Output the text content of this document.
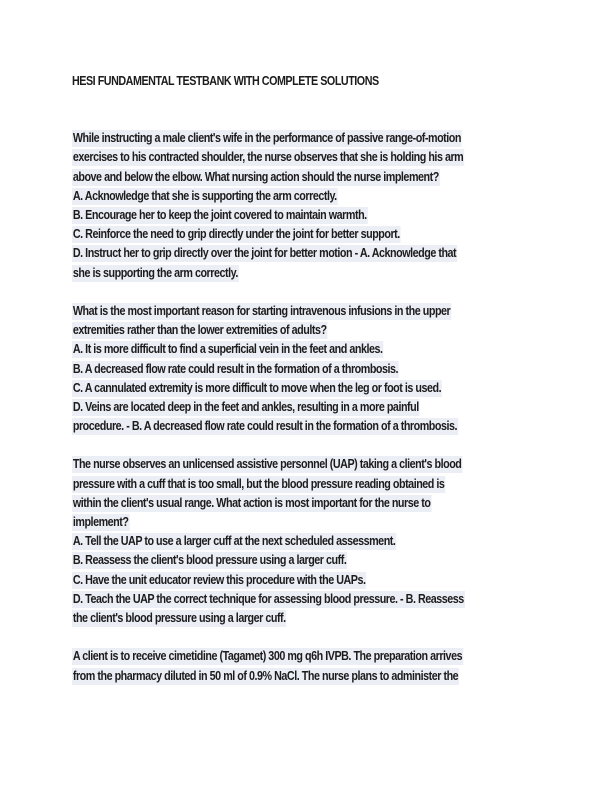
HESI FUNDAMENTAL TESTBANK WITH COMPLETE SOLUTIONS
While instructing a male client's wife in the performance of passive range-of-motion
exercises to his contracted shoulder, the nurse observes that she is holding his arm
above and below the elbow. What nursing action should the nurse implement?
A. Acknowledge that she is supporting the arm correctly.
B. Encourage her to keep the joint covered to maintain warmth.
C. Reinforce the need to grip directly under the joint for better support.
D. Instruct her to grip directly over the joint for better motion - A. Acknowledge that
she is supporting the arm correctly.
What is the most important reason for starting intravenous infusions in the upper
extremities rather than the lower extremities of adults?
A. It is more difficult to find a superficial vein in the feet and ankles.
B. A decreased flow rate could result in the formation of a thrombosis.
C. A cannulated extremity is more difficult to move when the leg or foot is used.
D. Veins are located deep in the feet and ankles, resulting in a more painful
procedure. - B. A decreased flow rate could result in the formation of a thrombosis.
The nurse observes an unlicensed assistive personnel (UAP) taking a client's blood
pressure with a cuff that is too small, but the blood pressure reading obtained is
within the client's usual range. What action is most important for the nurse to
implement?
A. Tell the UAP to use a larger cuff at the next scheduled assessment.
B. Reassess the client's blood pressure using a larger cuff.
C. Have the unit educator review this procedure with the UAPs.
D. Teach the UAP the correct technique for assessing blood pressure. - B. Reassess
the client's blood pressure using a larger cuff.
A client is to receive cimetidine (Tagamet) 300 mg q6h IVPB. The preparation arrives
from the pharmacy diluted in 50 ml of 0.9% NaCl. The nurse plans to administer the
